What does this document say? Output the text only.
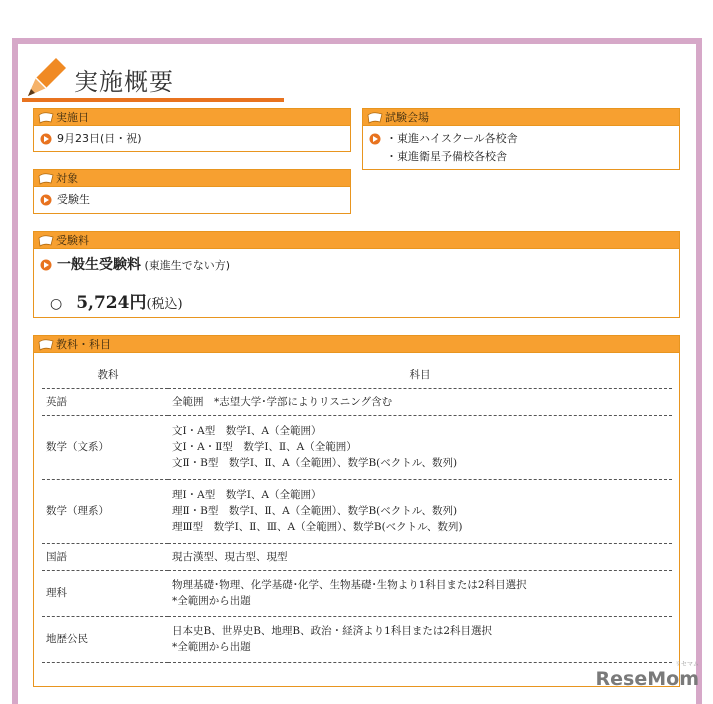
実施概要
実施日
9月23日(日・祝)
試験会場
・東進ハイスクール各校舎
・東進衛星予備校各校舎
対象
受験生
受験料
一般生受験料 (東進生でない方)
○ 5,724円 (税込)
教科・科目
教科	科目
英語	全範囲　*志望大学･学部によりリスニング含む

数学（文系）	文Ⅰ・A型　数学Ⅰ、A（全範囲）
文Ⅰ・A・Ⅱ型　数学Ⅰ、Ⅱ、A（全範囲）
文Ⅱ・B型　数学Ⅰ、Ⅱ、A（全範囲）、数学B(ベクトル、数列)

数学（理系）	理Ⅰ・A型　数学Ⅰ、A（全範囲）
理Ⅱ・B型　数学Ⅰ、Ⅱ、A（全範囲）、数学B(ベクトル、数列)
理Ⅲ型　数学Ⅰ、Ⅱ、Ⅲ、A（全範囲）、数学B(ベクトル、数列)

国語	現古漢型、現古型、現型

理科	物理基礎･物理、化学基礎･化学、生物基礎･生物より1科目または2科目選択
*全範囲から出題

地歴公民	日本史B、世界史B、地理B、政治・経済より1科目または2科目選択
*全範囲から出題
リセマム
ReseMom
